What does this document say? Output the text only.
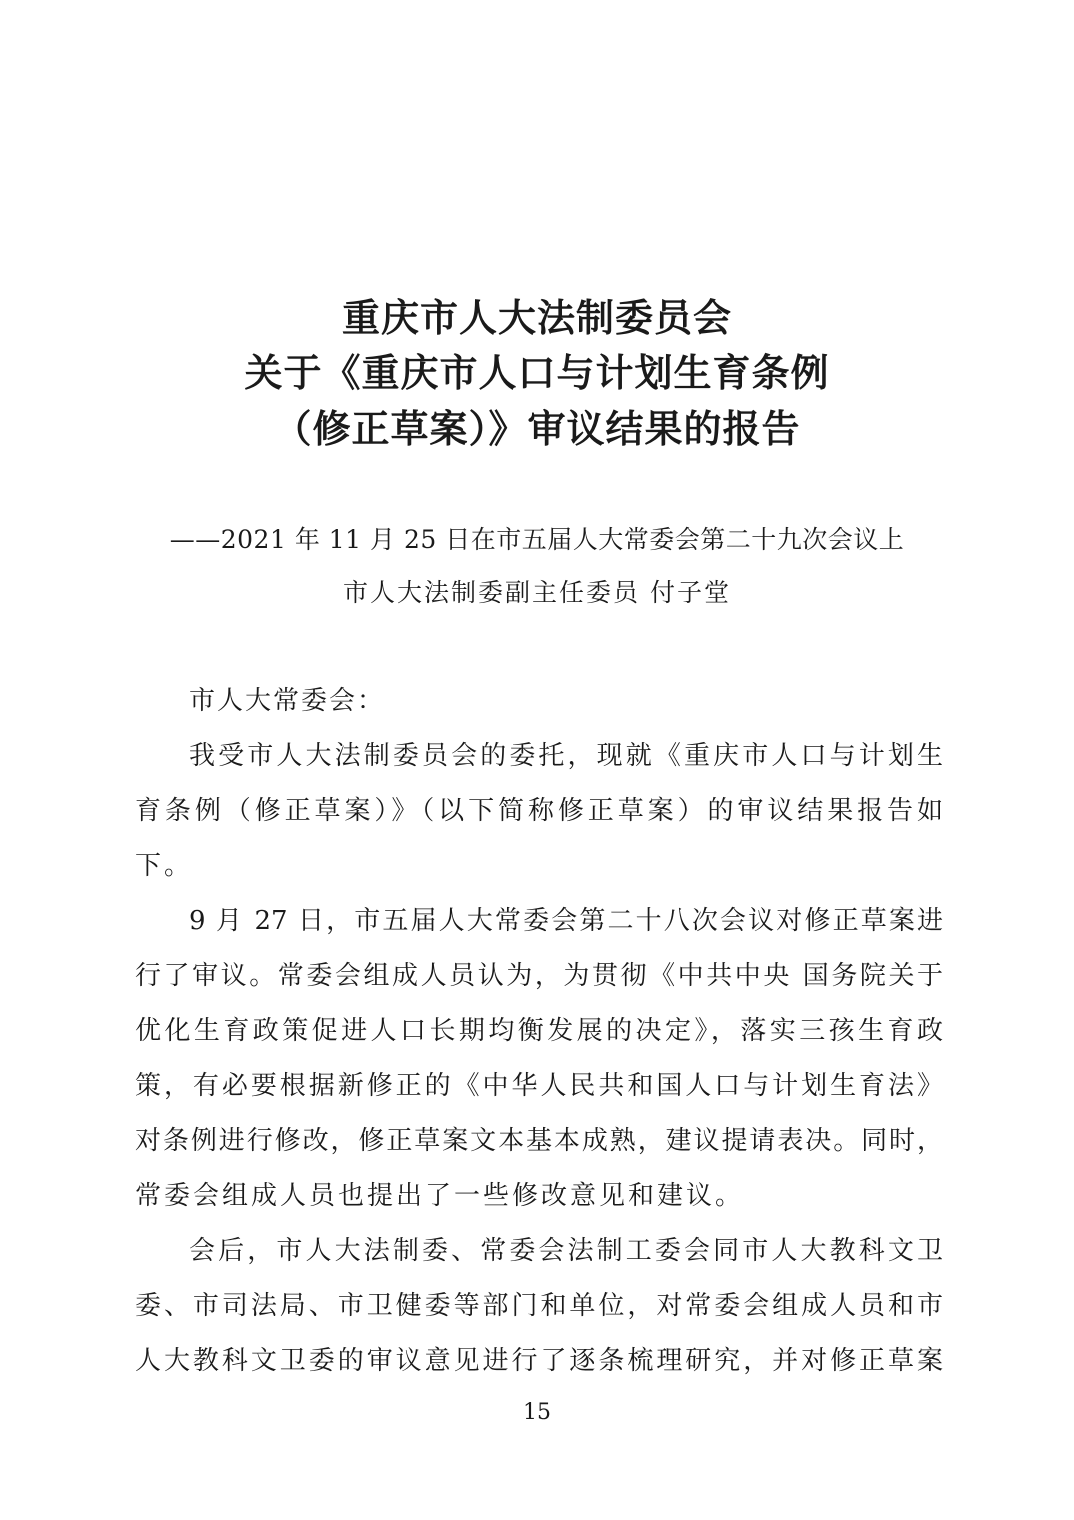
重庆市人大法制委员会
关于《重庆市人口与计划生育条例
（修正草案）》审议结果的报告
——2021 年 11 月 25 日在市五届人大常委会第二十九次会议上
市人大法制委副主任委员 付子堂
市人大常委会：
我受市人大法制委员会的委托，现就《重庆市人口与计划生
育条例（修正草案）》（以下简称修正草案）的审议结果报告如
下。
9 月 27 日，市五届人大常委会第二十八次会议对修正草案进
行了审议。常委会组成人员认为，为贯彻《中共中央 国务院关于
优化生育政策促进人口长期均衡发展的决定》，落实三孩生育政
策，有必要根据新修正的《中华人民共和国人口与计划生育法》
对条例进行修改，修正草案文本基本成熟，建议提请表决。同时，
常委会组成人员也提出了一些修改意见和建议。
会后，市人大法制委、常委会法制工委会同市人大教科文卫
委、市司法局、市卫健委等部门和单位，对常委会组成人员和市
人大教科文卫委的审议意见进行了逐条梳理研究，并对修正草案
15
